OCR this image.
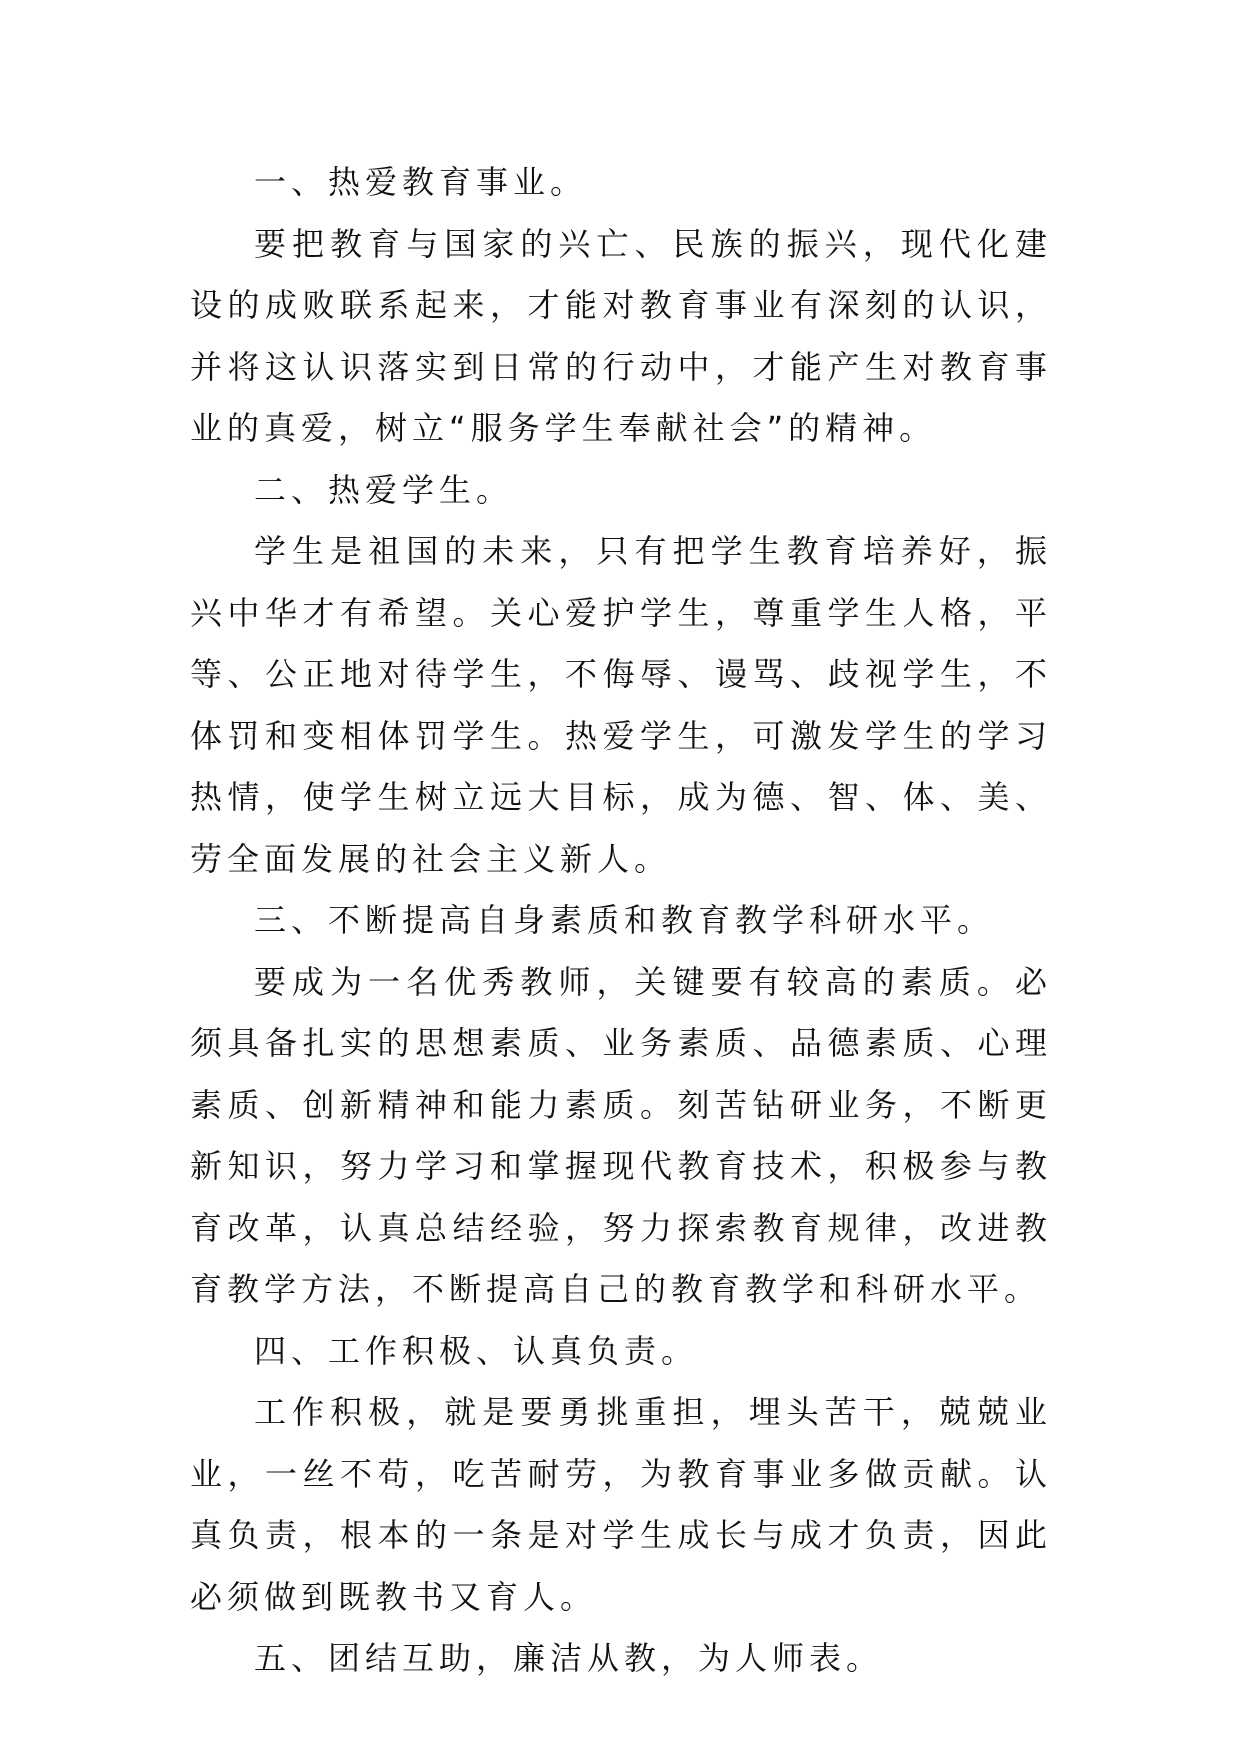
一、热爱教育事业。

要把教育与国家的兴亡、民族的振兴，现代化建设的成败联系起来，才能对教育事业有深刻的认识，并将这认识落实到日常的行动中，才能产生对教育事业的真爱，树立“服务学生奉献社会”的精神。

二、热爱学生。

学生是祖国的未来，只有把学生教育培养好，振兴中华才有希望。关心爱护学生，尊重学生人格，平等、公正地对待学生，不侮辱、谩骂、歧视学生，不体罚和变相体罚学生。热爱学生，可激发学生的学习热情，使学生树立远大目标，成为德、智、体、美、劳全面发展的社会主义新人。

三、不断提高自身素质和教育教学科研水平。

要成为一名优秀教师，关键要有较高的素质。必须具备扎实的思想素质、业务素质、品德素质、心理素质、创新精神和能力素质。刻苦钻研业务，不断更新知识，努力学习和掌握现代教育技术，积极参与教育改革，认真总结经验，努力探索教育规律，改进教育教学方法，不断提高自己的教育教学和科研水平。

四、工作积极、认真负责。

工作积极，就是要勇挑重担，埋头苦干，兢兢业业，一丝不苟，吃苦耐劳，为教育事业多做贡献。认真负责，根本的一条是对学生成长与成才负责，因此必须做到既教书又育人。

五、团结互助，廉洁从教，为人师表。
